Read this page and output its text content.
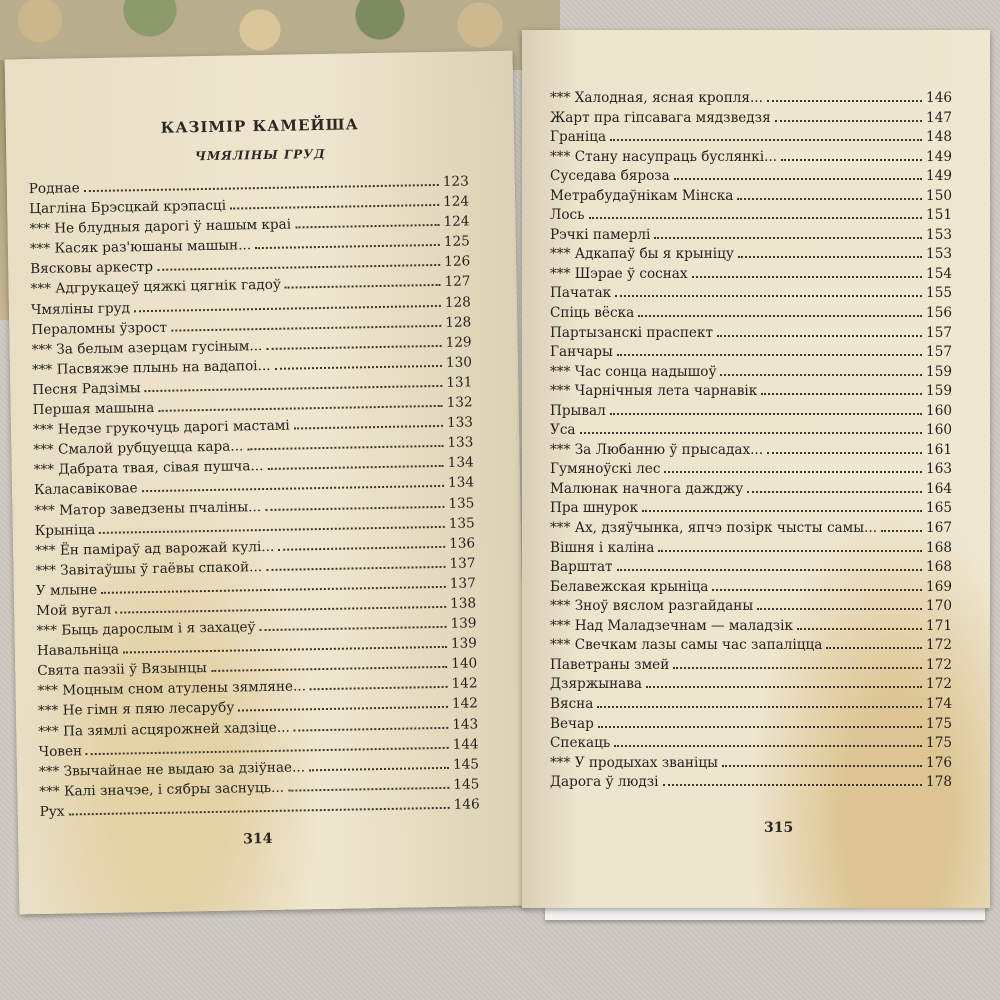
КАЗІМІР КАМЕЙША
ЧМЯЛІНЫ ГРУД
Роднае	123
Цагліна Брэсцкай крэпасці	124
*** Не блудныя дарогі ў нашым краі	124
*** Касяк раз'юшаны машын...	125
Вясковы аркестр	126
*** Адгрукацеў цяжкі цягнік гадоў	127
Чмяліны груд	128
Пераломны ўзрост	128
*** За белым азерцам гусіным...	129
*** Пасвяжэе плынь на вадапоі...	130
Песня Радзімы	131
Першая машына	132
*** Недзе грукочуць дарогі мастамі	133
*** Смалой рубцуецца кара...	133
*** Дабрата твая, сівая пушча...	134
Каласавіковае	134
*** Матор заведзены пчаліны...	135
Крыніца	135
*** Ён паміраў ад варожай кулі...	136
*** Завітаўшы ў гаёвы спакой...	137
У млыне	137
Мой вугал	138
*** Быць дарослым і я захацеў	139
Навальніца	139
Свята паэзіі ў Вязынцы	140
*** Моцным сном атулены зямляне...	142
*** Не гімн я пяю лесарубу	142
*** Па зямлі асцярожней хадзіце...	143
Човен	144
*** Звычайнае не выдаю за дзіўнае...	145
*** Калі значэе, і сябры заснуць...	145
Рух	146
314
*** Халодная, ясная кропля...	146
Жарт пра гіпсавага мядзведзя	147
Граніца	148
*** Стану насупраць буслянкі...	149
Суседава бяроза	149
Метрабудаўнікам Мінска	150
Лось	151
Рэчкі памерлі	153
*** Адкапаў бы я крыніцу	153
*** Шэрае ў соснах	154
Пачатак	155
Спіць вёска	156
Партызанскі праспект	157
Ганчары	157
*** Час сонца надышоў	159
*** Чарнічныя лета чарнавік	159
Прывал	160
Уса	160
*** За Любанню ў прысадах...	161
Гумяноўскі лес	163
Малюнак начнога дажджу	164
Пра шнурок	165
*** Ах, дзяўчынка, япчэ позірк чысты самы...	167
Вішня і каліна	168
Варштат	168
Белавежская крыніца	169
*** Зноў вяслом разгайданы	170
*** Над Маладзечнам — маладзік	171
*** Свечкам лазы самы час запаліцца	172
Паветраны змей	172
Дзяржынава	172
Вясна	174
Вечар	175
Спекаць	175
*** У продыхах званіцы	176
Дарога ў людзі	178
315
